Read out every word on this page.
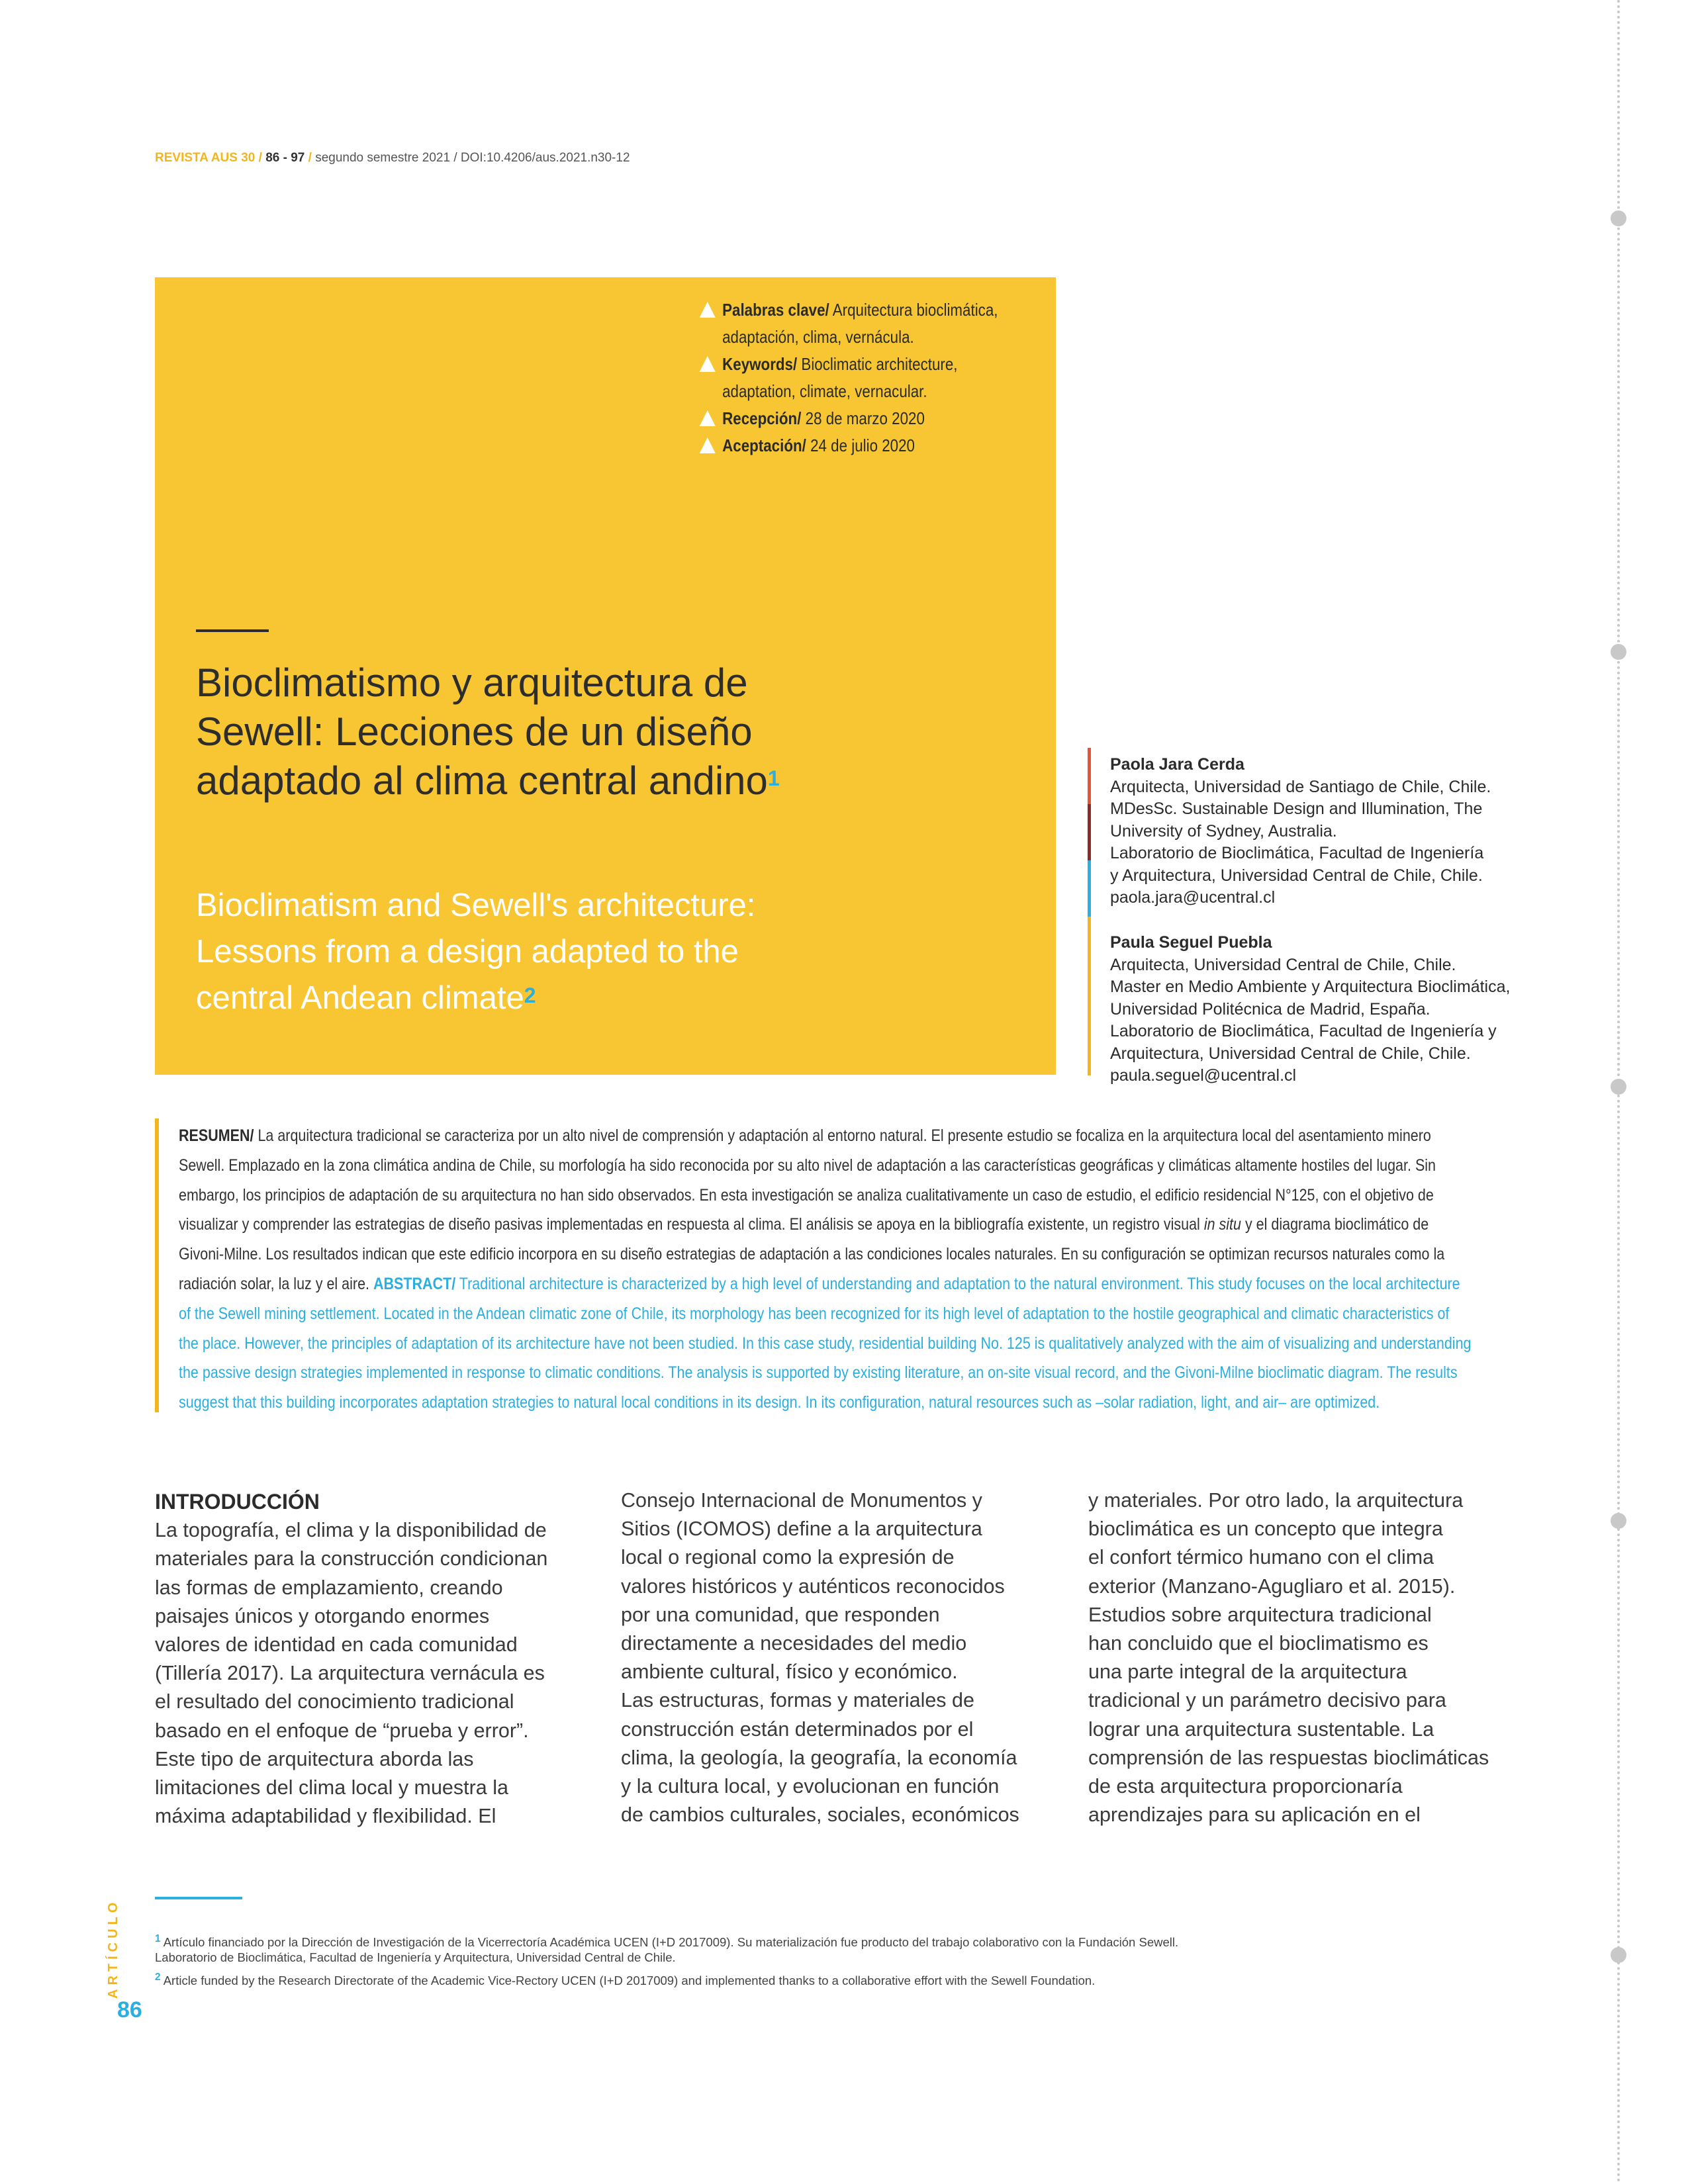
REVISTA AUS 30 / 86 - 97 / segundo semestre 2021 / DOI:10.4206/aus.2021.n30-12
Palabras clave/ Arquitectura bioclimática,
adaptación, clima, vernácula.
Keywords/ Bioclimatic architecture,
adaptation, climate, vernacular.
Recepción/ 28 de marzo 2020
Aceptación/ 24 de julio 2020
Bioclimatismo y arquitectura de
Sewell: Lecciones de un diseño
adaptado al clima central andino$^1$
Bioclimatism and Sewell's architecture:
Lessons from a design adapted to the
central Andean climate$^2$
Paola Jara Cerda
Arquitecta, Universidad de Santiago de Chile, Chile.
MDesSc. Sustainable Design and Illumination, The
University of Sydney, Australia.
Laboratorio de Bioclimática, Facultad de Ingeniería
y Arquitectura, Universidad Central de Chile, Chile.
paola.jara@ucentral.cl
Paula Seguel Puebla
Arquitecta, Universidad Central de Chile, Chile.
Master en Medio Ambiente y Arquitectura Bioclimática,
Universidad Politécnica de Madrid, España.
Laboratorio de Bioclimática, Facultad de Ingeniería y
Arquitectura, Universidad Central de Chile, Chile.
paula.seguel@ucentral.cl
RESUMEN/ La arquitectura tradicional se caracteriza por un alto nivel de comprensión y adaptación al entorno natural. El presente estudio se focaliza en la arquitectura local del asentamiento minero
Sewell. Emplazado en la zona climática andina de Chile, su morfología ha sido reconocida por su alto nivel de adaptación a las características geográficas y climáticas altamente hostiles del lugar. Sin
embargo, los principios de adaptación de su arquitectura no han sido observados. En esta investigación se analiza cualitativamente un caso de estudio, el edificio residencial N°125, con el objetivo de
visualizar y comprender las estrategias de diseño pasivas implementadas en respuesta al clima. El análisis se apoya en la bibliografía existente, un registro visual in situ y el diagrama bioclimático de
Givoni-Milne. Los resultados indican que este edificio incorpora en su diseño estrategias de adaptación a las condiciones locales naturales. En su configuración se optimizan recursos naturales como la
radiación solar, la luz y el aire. ABSTRACT/ Traditional architecture is characterized by a high level of understanding and adaptation to the natural environment. This study focuses on the local architecture
of the Sewell mining settlement. Located in the Andean climatic zone of Chile, its morphology has been recognized for its high level of adaptation to the hostile geographical and climatic characteristics of
the place. However, the principles of adaptation of its architecture have not been studied. In this case study, residential building No. 125 is qualitatively analyzed with the aim of visualizing and understanding
the passive design strategies implemented in response to climatic conditions. The analysis is supported by existing literature, an on-site visual record, and the Givoni-Milne bioclimatic diagram. The results
suggest that this building incorporates adaptation strategies to natural local conditions in its design. In its configuration, natural resources such as –solar radiation, light, and air– are optimized.
INTRODUCCIÓN
La topografía, el clima y la disponibilidad de
materiales para la construcción condicionan
las formas de emplazamiento, creando
paisajes únicos y otorgando enormes
valores de identidad en cada comunidad
(Tillería 2017). La arquitectura vernácula es
el resultado del conocimiento tradicional
basado en el enfoque de “prueba y error”.
Este tipo de arquitectura aborda las
limitaciones del clima local y muestra la
máxima adaptabilidad y flexibilidad. El
Consejo Internacional de Monumentos y
Sitios (ICOMOS) define a la arquitectura
local o regional como la expresión de
valores históricos y auténticos reconocidos
por una comunidad, que responden
directamente a necesidades del medio
ambiente cultural, físico y económico.
Las estructuras, formas y materiales de
construcción están determinados por el
clima, la geología, la geografía, la economía
y la cultura local, y evolucionan en función
de cambios culturales, sociales, económicos
y materiales. Por otro lado, la arquitectura
bioclimática es un concepto que integra
el confort térmico humano con el clima
exterior (Manzano-Agugliaro et al. 2015).
Estudios sobre arquitectura tradicional
han concluido que el bioclimatismo es
una parte integral de la arquitectura
tradicional y un parámetro decisivo para
lograr una arquitectura sustentable. La
comprensión de las respuestas bioclimáticas
de esta arquitectura proporcionaría
aprendizajes para su aplicación en el
$^1$ Artículo financiado por la Dirección de Investigación de la Vicerrectoría Académica UCEN (I+D 2017009). Su materialización fue producto del trabajo colaborativo con la Fundación Sewell.
Laboratorio de Bioclimática, Facultad de Ingeniería y Arquitectura, Universidad Central de Chile.
$^2$ Article funded by the Research Directorate of the Academic Vice-Rectory UCEN (I+D 2017009) and implemented thanks to a collaborative effort with the Sewell Foundation.
ARTÍCULO
86
